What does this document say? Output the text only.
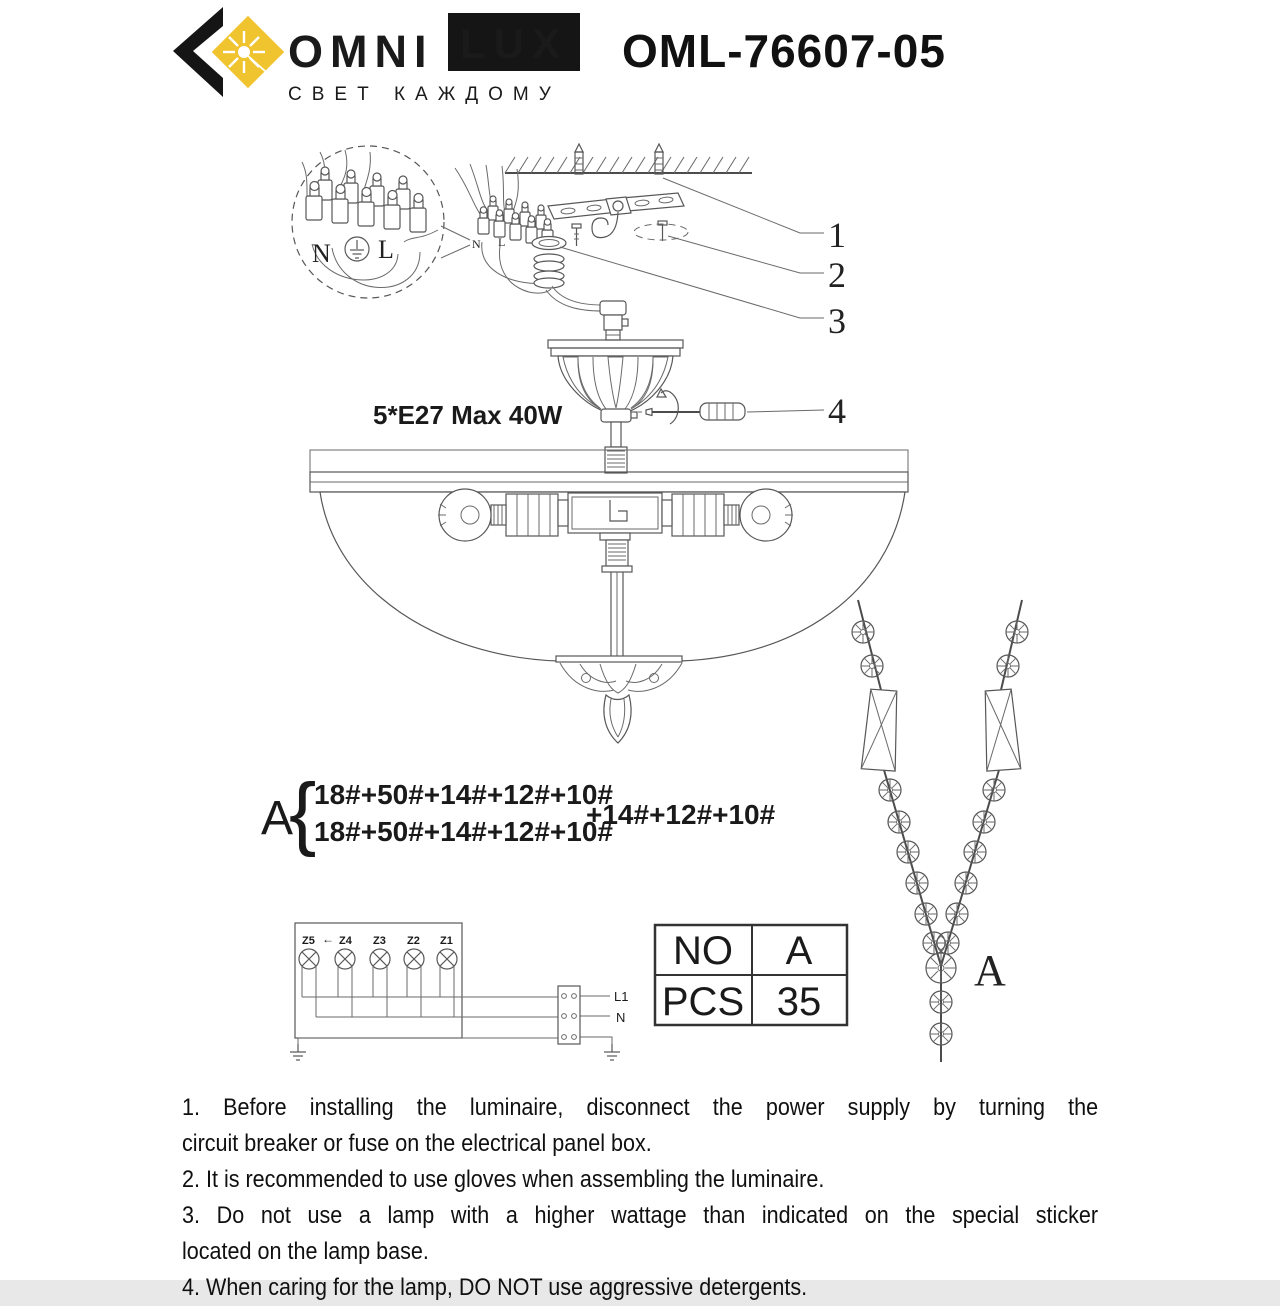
OMNI LUX
СВЕТ КАЖДОМУ
OML-76607-05
N L	N L
5*E27 Max 40W
1
2
3
4
A
{
18#+50#+14#+12#+10#
18#+50#+14#+12#+10#
+14#+12#+10#
A
Z5 ← Z4 Z3 Z2 Z1
L1
N
NO A
PCS 35
1. Before installing the luminaire, disconnect the power supply by turning the
circuit breaker or fuse on the electrical panel box.
2. It is recommended to use gloves when assembling the luminaire.
3. Do not use a lamp with a higher wattage than indicated on the special sticker
located on the lamp base.
4. When caring for the lamp, DO NOT use aggressive detergents.
